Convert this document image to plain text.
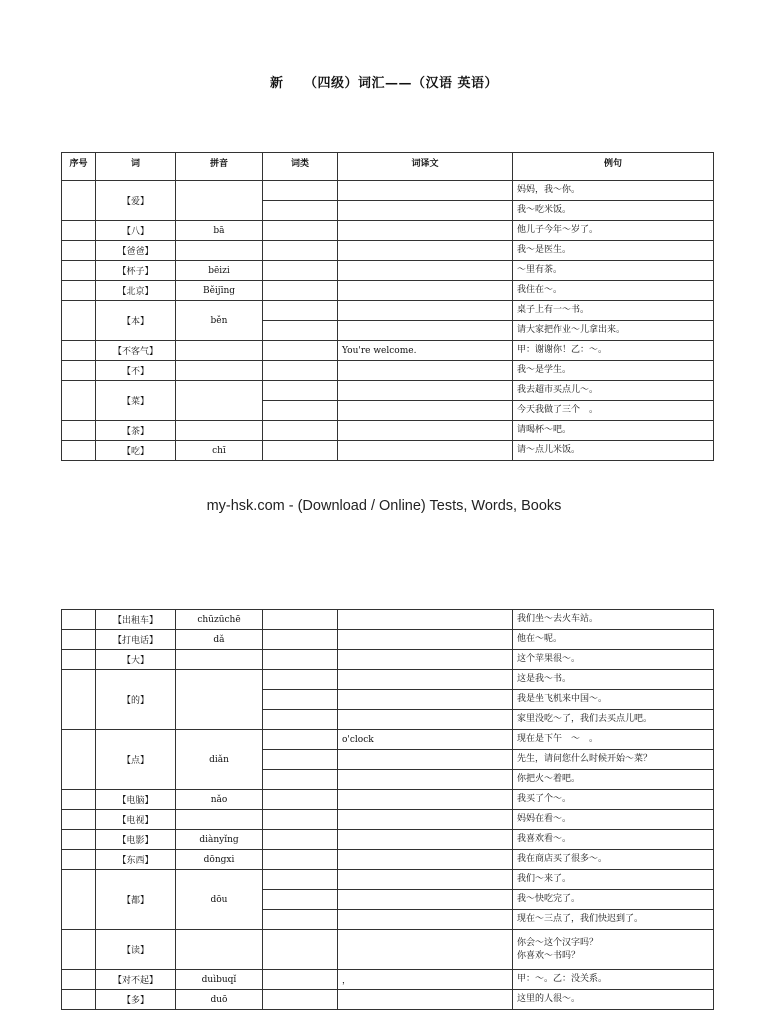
新　　（四级）词汇——（汉语 英语）
序号	词	拼音	词类	词译文	例句
	【爱】				妈妈，我～你。

					我～吃米饭。

	【八】	bā			他儿子今年～岁了。

	【爸爸】				我～是医生。

	【杯子】	bēizi			～里有茶。

	【北京】	Běijīng			我住在～。

	【本】	běn			桌子上有一～书。

					请大家把作业～儿拿出来。

	【不客气】			You're welcome.	甲：谢谢你！乙：～。

	【不】				我～是学生。

	【菜】				我去超市买点儿～。

					今天我做了三个　。

	【茶】				请喝杯～吧。

	【吃】	chī			请～点儿米饭。
my-hsk.com - (Download / Online) Tests, Words, Books
	【出租车】	chūzūchē			我们坐～去火车站。

	【打电话】	dǎ			他在～呢。

	【大】				这个苹果很～。

	【的】				这是我～书。

					我是坐飞机来中国～。

					家里没吃～了，我们去买点儿吧。

	【点】	diǎn		o'clock	现在是下午　～　。

					先生，请问您什么时候开始～菜？

					你把火～着吧。

	【电脑】	nǎo			我买了个～。

	【电视】				妈妈在看～。

	【电影】	diànyǐng			我喜欢看～。

	【东西】	dōngxi			我在商店买了很多～。

	【都】	dōu			我们～来了。

					我～快吃完了。

					现在～三点了，我们快迟到了。

	【读】				你会～这个汉字吗？
你喜欢～书吗？

	【对不起】	duìbuqǐ		，	甲：～。乙：没关系。

	【多】	duō			这里的人很～。
